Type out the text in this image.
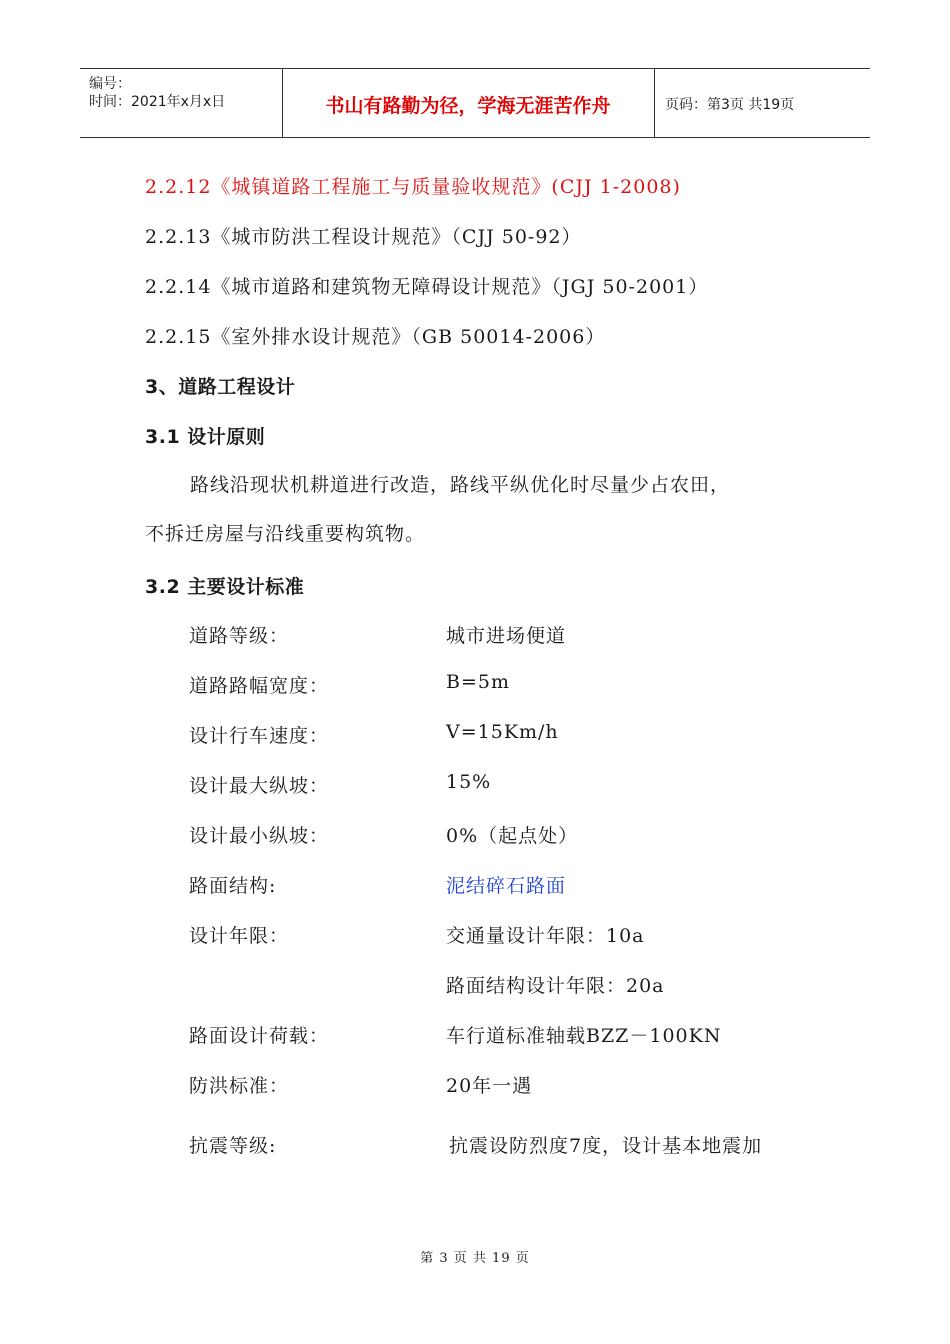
编号：
时间：2021年x月x日	书山有路勤为径，学海无涯苦作舟	页码：第3页 共19页
2.2.12《城镇道路工程施工与质量验收规范》(CJJ 1-2008)
2.2.13《城市防洪工程设计规范》（CJJ 50-92）
2.2.14《城市道路和建筑物无障碍设计规范》（JGJ 50-2001）
2.2.15《室外排水设计规范》（GB 50014-2006）
3、道路工程设计
3.1 设计原则
路线沿现状机耕道进行改造，路线平纵优化时尽量少占农田，
不拆迁房屋与沿线重要构筑物。
3.2 主要设计标准
道路等级：	城市进场便道
道路路幅宽度：	B=5m
设计行车速度：	V=15Km/h
设计最大纵坡：	15%
设计最小纵坡：	0%（起点处）
路面结构:	泥结碎石路面
设计年限：	交通量设计年限：10a
路面结构设计年限：20a
路面设计荷载：	车行道标准轴载BZZ－100KN
防洪标准：	20年一遇
抗震等级:	抗震设防烈度7度，设计基本地震加
第 3 页 共 19 页
